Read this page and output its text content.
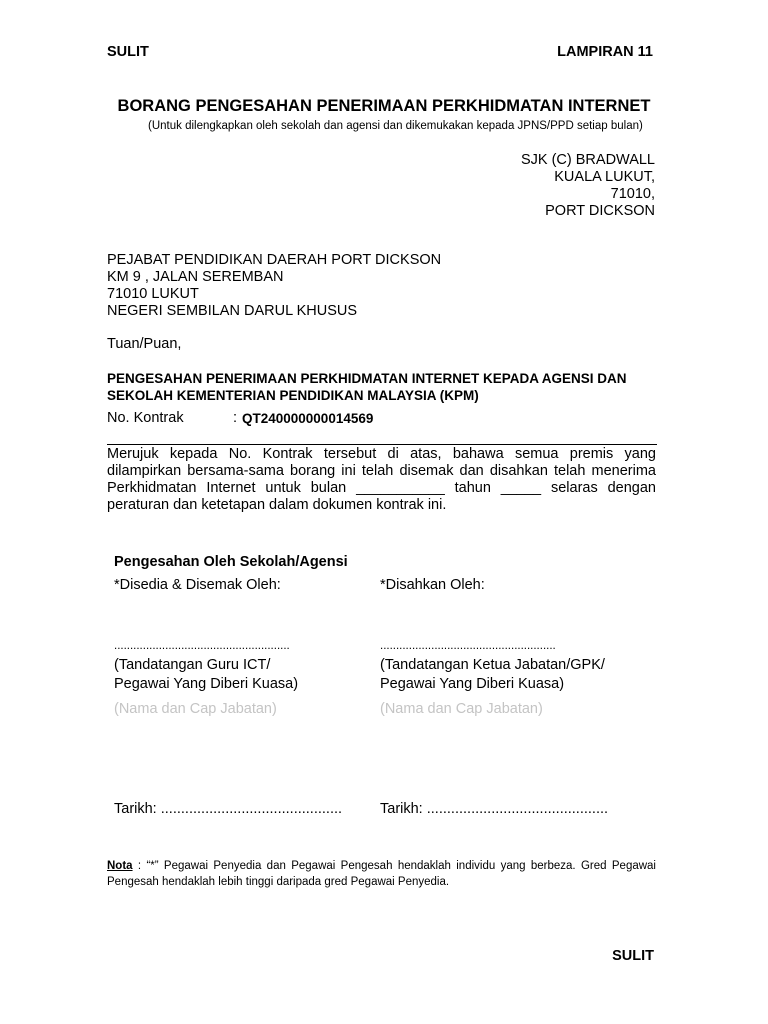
SULIT	LAMPIRAN 11
BORANG PENGESAHAN PENERIMAAN PERKHIDMATAN INTERNET
(Untuk dilengkapkan oleh sekolah dan agensi dan dikemukakan kepada JPNS/PPD setiap bulan)
SJK (C) BRADWALL
KUALA LUKUT,
71010,
PORT DICKSON
PEJABAT PENDIDIKAN DAERAH PORT DICKSON
KM 9 , JALAN SEREMBAN
71010 LUKUT
NEGERI SEMBILAN DARUL KHUSUS
Tuan/Puan,
PENGESAHAN PENERIMAAN PERKHIDMATAN INTERNET KEPADA AGENSI DAN
SEKOLAH KEMENTERIAN PENDIDIKAN MALAYSIA (KPM)
No. Kontrak	: QT240000000014569
Merujuk kepada No. Kontrak tersebut di atas, bahawa semua premis yang dilampirkan bersama-sama borang ini telah disemak dan disahkan telah menerima Perkhidmatan Internet untuk bulan ___________ tahun _____ selaras dengan peraturan dan ketetapan dalam dokumen kontrak ini.
Pengesahan Oleh Sekolah/Agensi
*Disedia & Disemak Oleh:
.......................................................
(Tandatangan Guru ICT/
Pegawai Yang Diberi Kuasa)
(Nama dan Cap Jabatan)
Tarikh: .............................................
*Disahkan Oleh:
.......................................................
(Tandatangan Ketua Jabatan/GPK/
Pegawai Yang Diberi Kuasa)
(Nama dan Cap Jabatan)
Tarikh: .............................................
Nota : “*” Pegawai Penyedia dan Pegawai Pengesah hendaklah individu yang berbeza. Gred Pegawai Pengesah hendaklah lebih tinggi daripada gred Pegawai Penyedia.
SULIT
